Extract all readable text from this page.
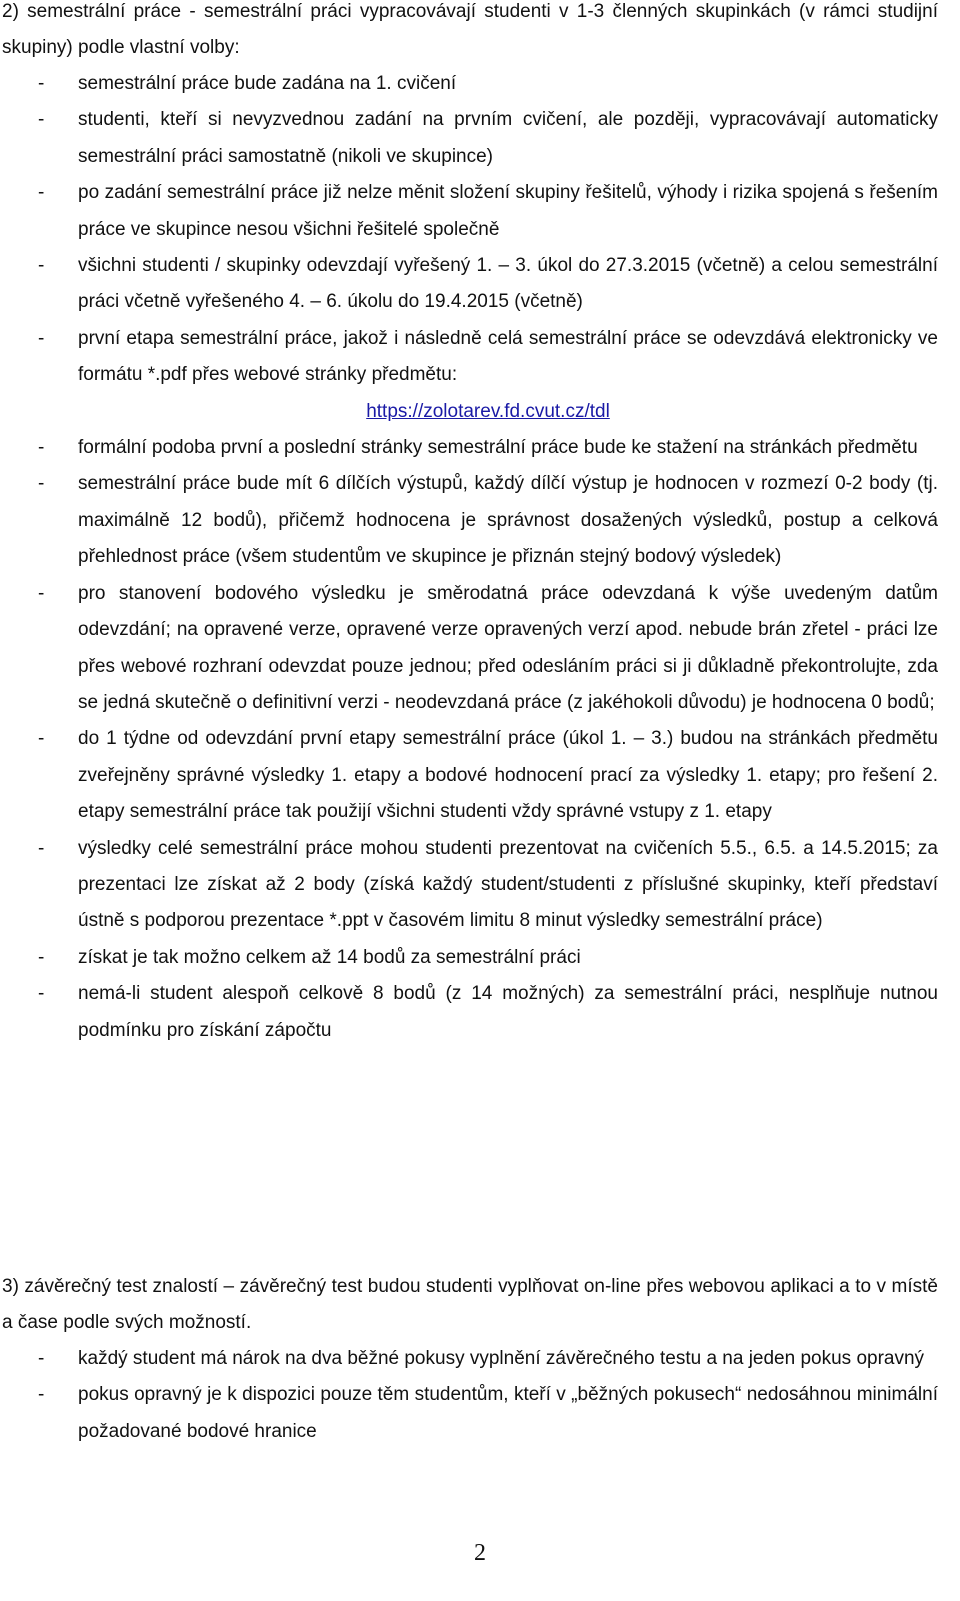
2) semestrální práce - semestrální práci vypracovávají studenti v 1-3 členných skupinkách (v rámci studijní skupiny) podle vlastní volby:

- semestrální práce bude zadána na 1. cvičení
- studenti, kteří si nevyzvednou zadání na prvním cvičení, ale později, vypracovávají automaticky semestrální práci samostatně (nikoli ve skupince)
- po zadání semestrální práce již nelze měnit složení skupiny řešitelů, výhody i rizika spojená s řešením práce ve skupince nesou všichni řešitelé společně
- všichni studenti / skupinky odevzdají vyřešený 1. – 3. úkol do 27.3.2015 (včetně) a celou semestrální práci včetně vyřešeného 4. – 6. úkolu do 19.4.2015 (včetně)
- první etapa semestrální práce, jakož i následně celá semestrální práce se odevzdává elektronicky ve formátu *.pdf přes webové stránky předmětu:
https://zolotarev.fd.cvut.cz/tdl
- formální podoba první a poslední stránky semestrální práce bude ke stažení na stránkách předmětu
- semestrální práce bude mít 6 dílčích výstupů, každý dílčí výstup je hodnocen v rozmezí 0-2 body (tj. maximálně 12 bodů), přičemž hodnocena je správnost dosažených výsledků, postup a celková přehlednost práce (všem studentům ve skupince je přiznán stejný bodový výsledek)
- pro stanovení bodového výsledku je směrodatná práce odevzdaná k výše uvedeným datům odevzdání; na opravené verze, opravené verze opravených verzí apod. nebude brán zřetel - práci lze přes webové rozhraní odevzdat pouze jednou; před odesláním práci si ji důkladně překontrolujte, zda se jedná skutečně o definitivní verzi - neodevzdaná práce (z jakéhokoli důvodu) je hodnocena 0 bodů;
- do 1 týdne od odevzdání první etapy semestrální práce (úkol 1. – 3.) budou na stránkách předmětu zveřejněny správné výsledky 1. etapy a bodové hodnocení prací za výsledky 1. etapy; pro řešení 2. etapy semestrální práce tak použijí všichni studenti vždy správné vstupy z 1. etapy
- výsledky celé semestrální práce mohou studenti prezentovat na cvičeních 5.5., 6.5. a 14.5.2015; za prezentaci lze získat až 2 body (získá každý student/studenti z příslušné skupinky, kteří představí ústně s podporou prezentace *.ppt v časovém limitu 8 minut výsledky semestrální práce)
- získat je tak možno celkem až 14 bodů za semestrální práci
- nemá-li student alespoň celkově 8 bodů (z 14 možných) za semestrální práci, nesplňuje nutnou podmínku pro získání zápočtu

3) závěrečný test znalostí – závěrečný test budou studenti vyplňovat on-line přes webovou aplikaci a to v místě a čase podle svých možností.

- každý student má nárok na dva běžné pokusy vyplnění závěrečného testu a na jeden pokus opravný
- pokus opravný je k dispozici pouze těm studentům, kteří v „běžných pokusech“ nedosáhnou minimální požadované bodové hranice
2
